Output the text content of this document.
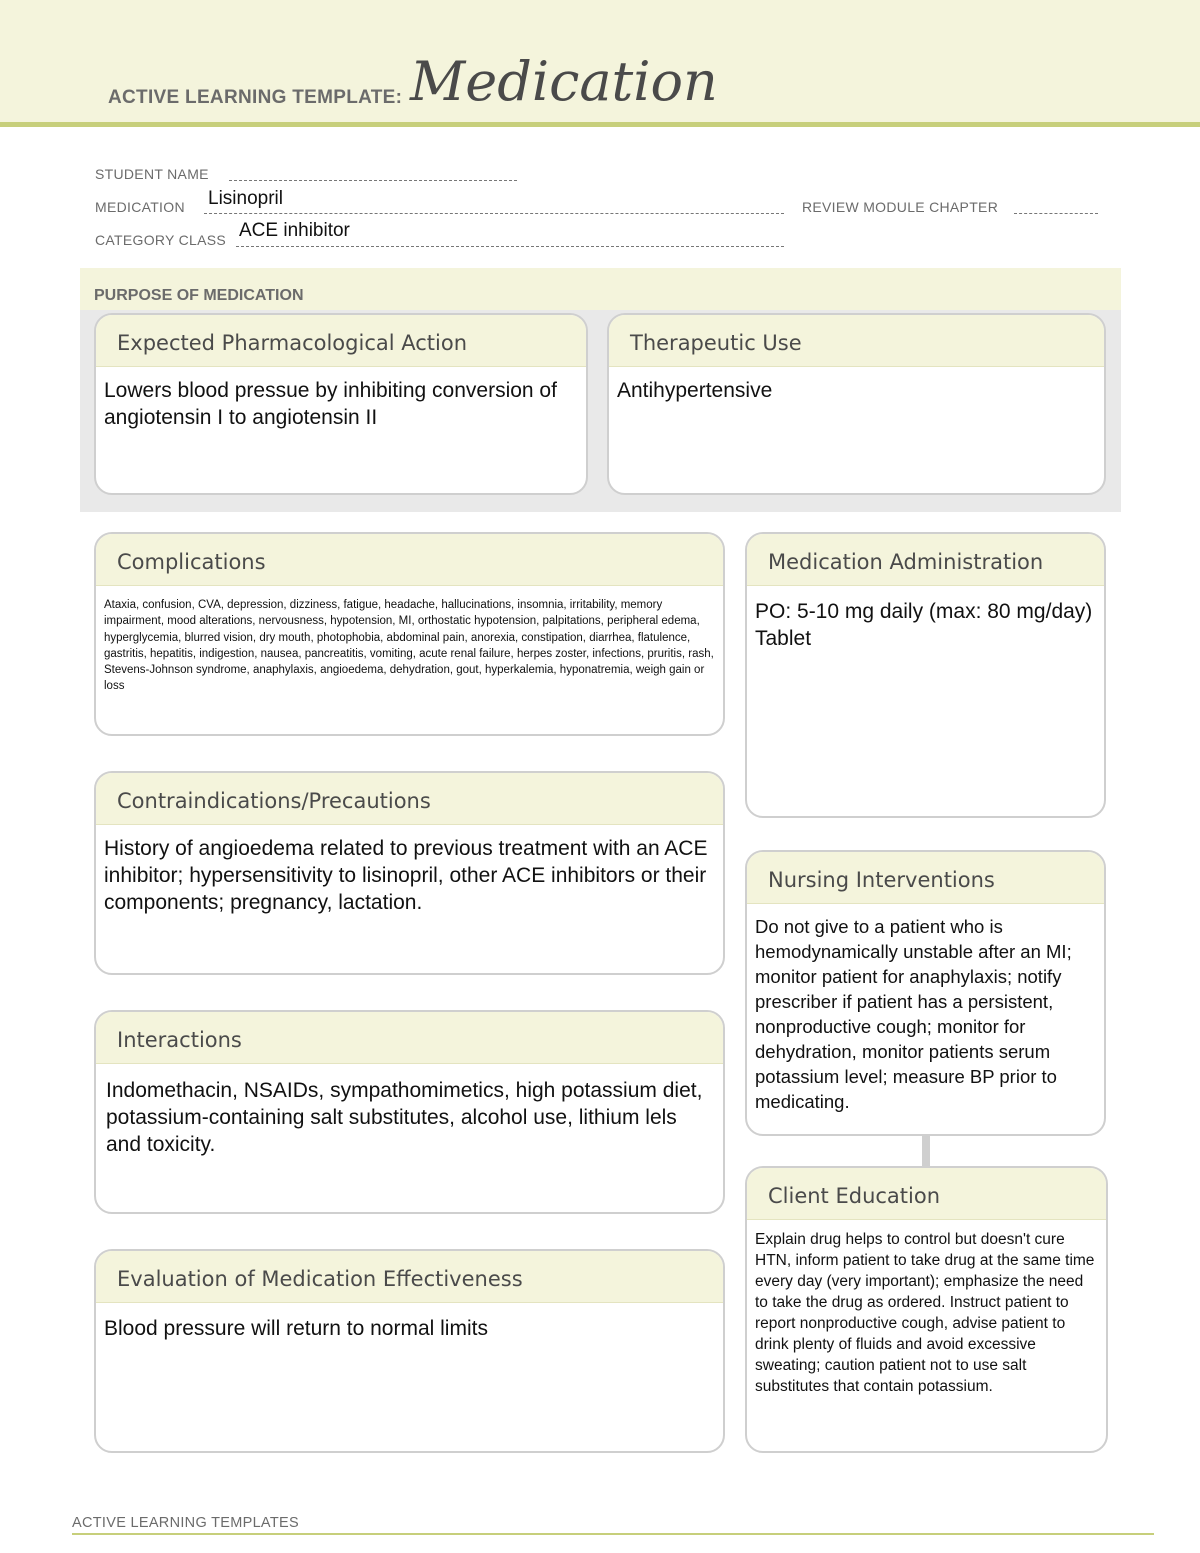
ACTIVE LEARNING TEMPLATE: Medication
STUDENT NAME
MEDICATION Lisinopril	REVIEW MODULE CHAPTER
CATEGORY CLASS ACE inhibitor
PURPOSE OF MEDICATION
Expected Pharmacological Action
Lowers blood pressue by inhibiting conversion of angiotensin I to angiotensin II
Therapeutic Use
Antihypertensive
Complications
Ataxia, confusion, CVA, depression, dizziness, fatigue, headache, hallucinations, insomnia, irritability, memory impairment, mood alterations, nervousness, hypotension, MI, orthostatic hypotension, palpitations, peripheral edema, hyperglycemia, blurred vision, dry mouth, photophobia, abdominal pain, anorexia, constipation, diarrhea, flatulence, gastritis, hepatitis, indigestion, nausea, pancreatitis, vomiting, acute renal failure, herpes zoster, infections, pruritis, rash, Stevens-Johnson syndrome, anaphylaxis, angioedema, dehydration, gout, hyperkalemia, hyponatremia, weigh gain or loss
Contraindications/Precautions
History of angioedema related to previous treatment with an ACE inhibitor; hypersensitivity to lisinopril, other ACE inhibitors or their components; pregnancy, lactation.
Interactions
Indomethacin, NSAIDs, sympathomimetics, high potassium diet, potassium-containing salt substitutes, alcohol use, lithium lels and toxicity.
Evaluation of Medication Effectiveness
Blood pressure will return to normal limits
Medication Administration
PO: 5-10 mg daily (max: 80 mg/day) Tablet
Nursing Interventions
Do not give to a patient who is hemodynamically unstable after an MI; monitor patient for anaphylaxis; notify prescriber if patient has a persistent, nonproductive cough; monitor for dehydration, monitor patients serum potassium level; measure BP prior to medicating.
Client Education
Explain drug helps to control but doesn't cure HTN, inform patient to take drug at the same time every day (very important); emphasize the need to take the drug as ordered. Instruct patient to report nonproductive cough, advise patient to drink plenty of fluids and avoid excessive sweating; caution patient not to use salt substitutes that contain potassium.
ACTIVE LEARNING TEMPLATES
